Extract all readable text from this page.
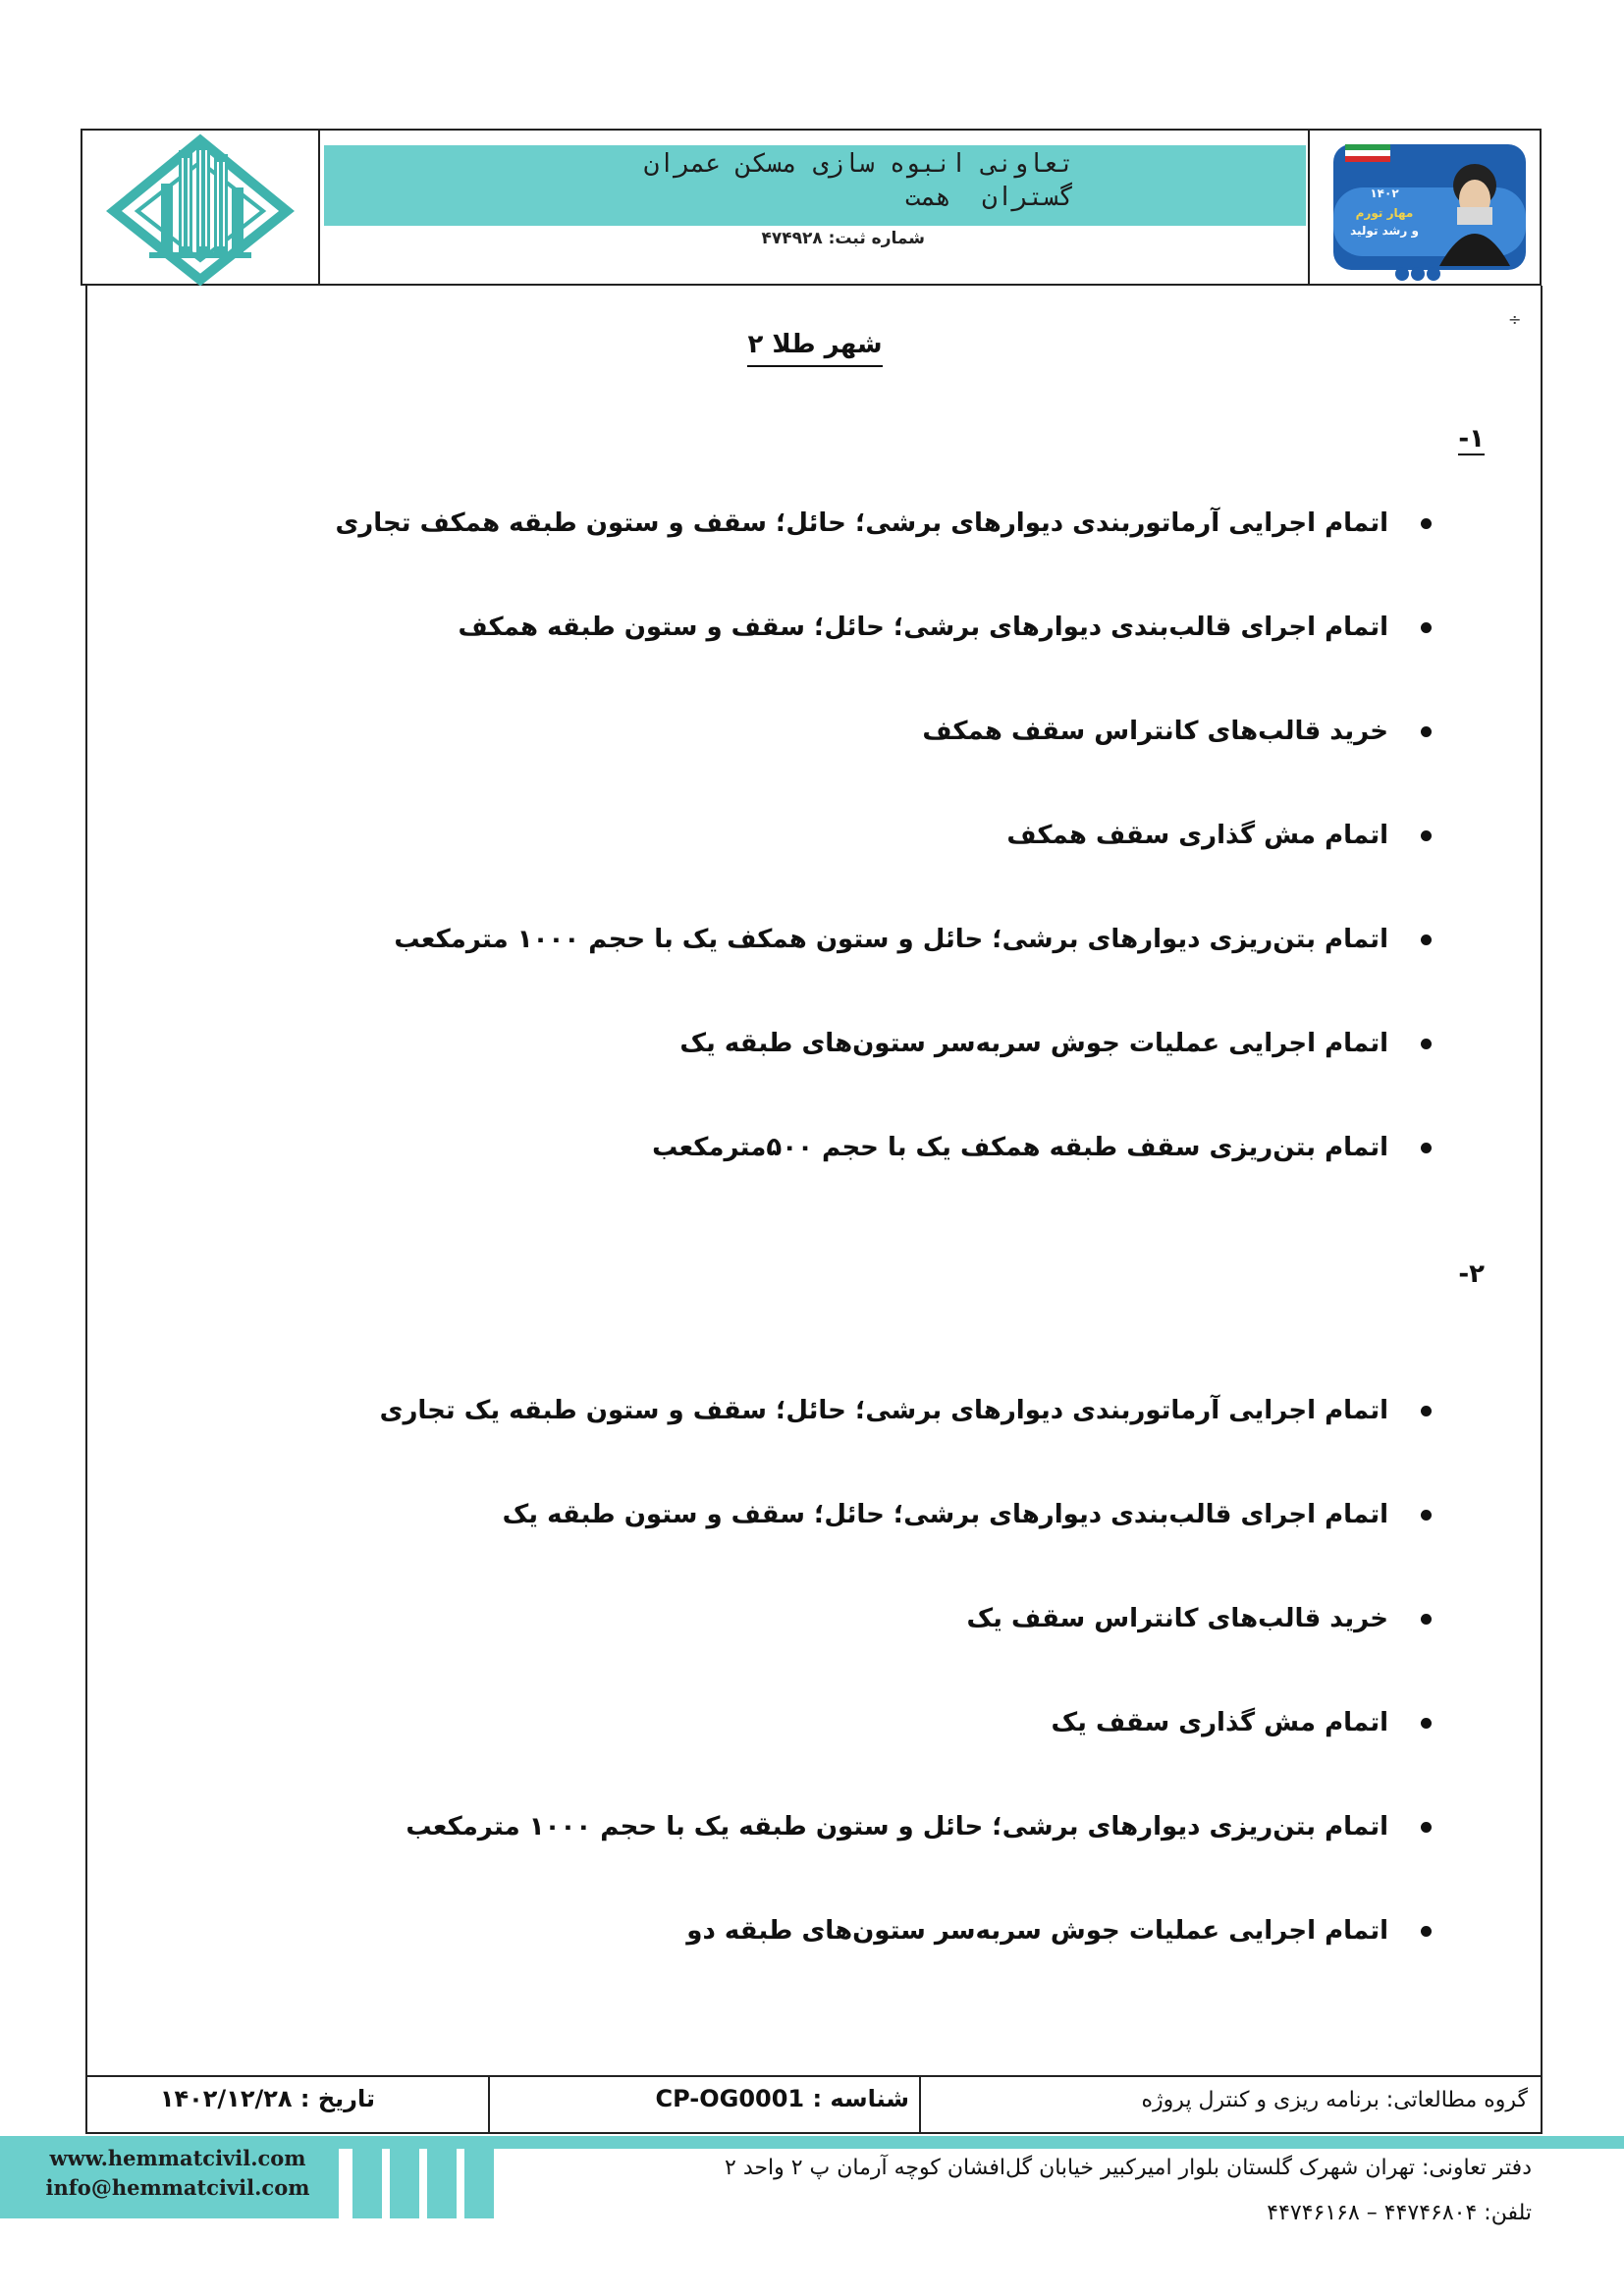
۱۴۰۲
مهار تورم
و رشد تولید
تعاونی انبوه سازی مسکن عمران
گستران  همت
شماره ثبت: ۴۷۴۹۲۸
÷
شهر طلا ۲
۱-
اتمام اجرایی آرماتوربندی دیوارهای برشی؛ حائل؛ سقف و ستون طبقه همکف تجاری
اتمام اجرای قالب‌بندی دیوارهای برشی؛ حائل؛ سقف و ستون طبقه همکف
خرید قالب‌های کانتراس سقف همکف
اتمام مش گذاری سقف همکف
اتمام بتن‌ریزی دیوارهای برشی؛ حائل و ستون همکف یک با حجم ۱۰۰۰ مترمکعب
اتمام اجرایی عملیات جوش سربه‌سر ستون‌های طبقه یک
اتمام بتن‌ریزی سقف طبقه همکف یک با حجم ۵۰۰مترمکعب
۲-
اتمام اجرایی آرماتوربندی دیوارهای برشی؛ حائل؛ سقف و ستون طبقه یک تجاری
اتمام اجرای قالب‌بندی دیوارهای برشی؛ حائل؛ سقف و ستون طبقه یک
خرید قالب‌های کانتراس سقف یک
اتمام مش گذاری سقف یک
اتمام بتن‌ریزی دیوارهای برشی؛ حائل و ستون طبقه یک با حجم ۱۰۰۰ مترمکعب
اتمام اجرایی عملیات جوش سربه‌سر ستون‌های طبقه دو
گروه مطالعاتی: برنامه ریزی و کنترل پروژه
شناسه : CP-OG0001
تاریخ : ۱۴۰۲/۱۲/۲۸
www.hemmatcivil.com
info@hemmatcivil.com
دفتر تعاونی: تهران شهرک گلستان بلوار امیرکبیر خیابان گل‌افشان کوچه آرمان پ ۲ واحد ۲
تلفن: ۴۴۷۴۶۸۰۴ – ۴۴۷۴۶۱۶۸
